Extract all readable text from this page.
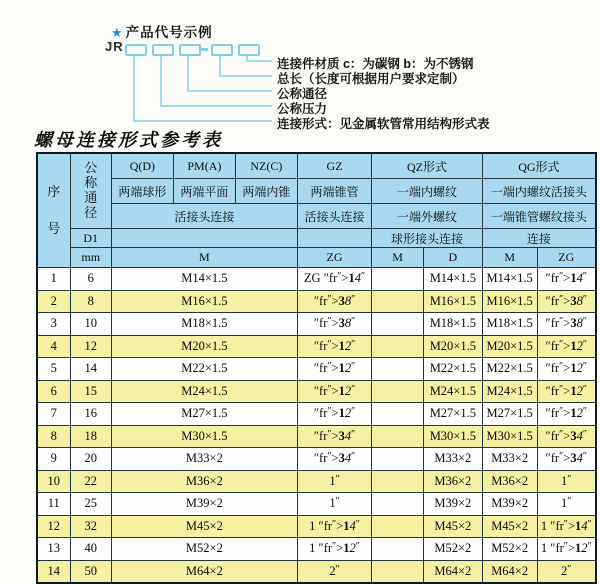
★ 产品代号示例
JR
连接件材质 c：为碳钢 b：为不锈钢
总长（长度可根据用户要求定制）
公称通径
公称压力
连接形式：见金属软管常用结构形式表
螺母连接形式参考表
序
号	公
称
通
径	Q(D)	PM(A)	NZ(C)	GZ	QZ形式		QG形式	
		两端球形	两端平面	两端内锥	两端锥管	一端内螺纹		一端内螺纹活接头	
		活接头连接			活接头连接	一端外螺纹		一端锥管螺纹接头	
	D1					球形接头连接		连接	
	mm	M			ZG	M	D	M	ZG
1	6	M14×1.5			ZG ″fr″>14″		M14×1.5	M14×1.5	″fr″>14″
2	8	M16×1.5			″fr″>38″		M16×1.5	M16×1.5	″fr″>38″
3	10	M18×1.5			″fr″>38″		M18×1.5	M18×1.5	″fr″>38″
4	12	M20×1.5			″fr″>12″		M20×1.5	M20×1.5	″fr″>12″
5	14	M22×1.5			″fr″>12″		M22×1.5	M22×1.5	″fr″>12″
6	15	M24×1.5			″fr″>12″		M24×1.5	M24×1.5	″fr″>12″
7	16	M27×1.5			″fr″>12″		M27×1.5	M27×1.5	″fr″>12″
8	18	M30×1.5			″fr″>34″		M30×1.5	M30×1.5	″fr″>34″
9	20	M33×2			″fr″>34″		M33×2	M33×2	″fr″>34″
10	22	M36×2			1″		M36×2	M36×2	1″
11	25	M39×2			1″		M39×2	M39×2	1″
12	32	M45×2			1 ″fr″>14″		M45×2	M45×2	1 ″fr″>14″
13	40	M52×2			1 ″fr″>12″		M52×2	M52×2	1 ″fr″>12″
14	50	M64×2			2″		M64×2	M64×2	2″
